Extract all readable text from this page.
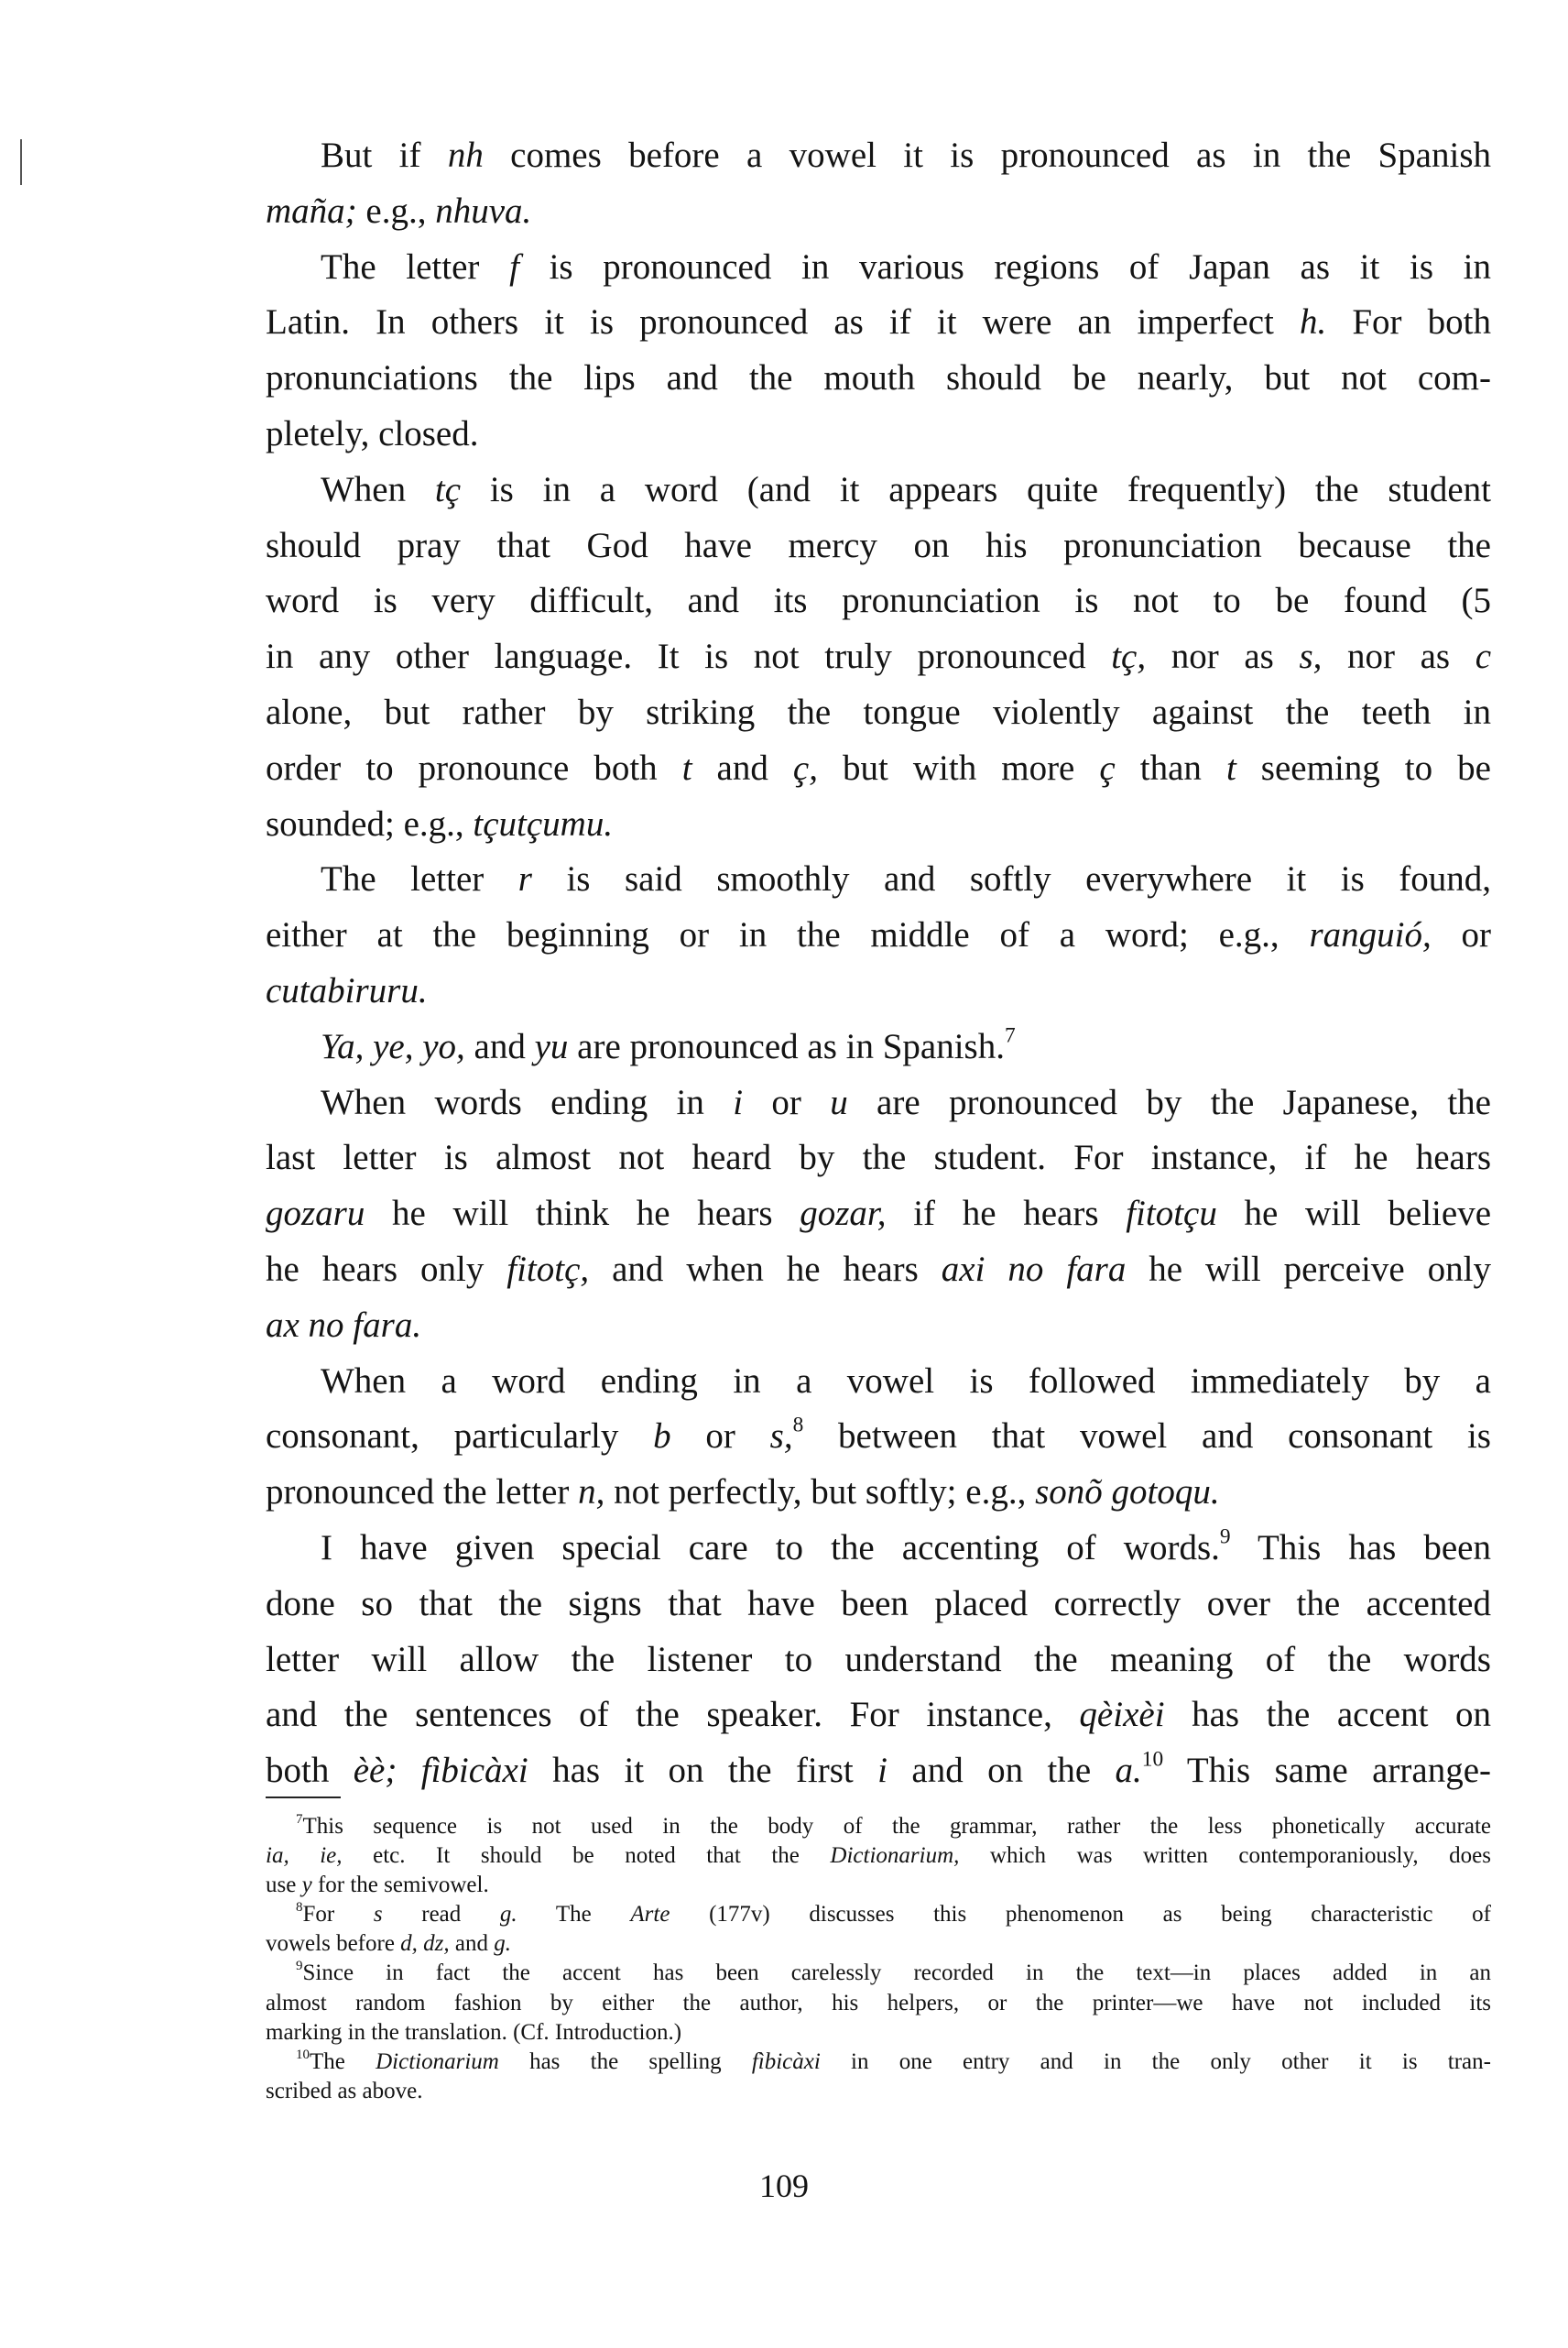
But if nh comes before a vowel it is pronounced as in the Spanish
maña; e.g., nhuva.
The letter f is pronounced in various regions of Japan as it is in
Latin. In others it is pronounced as if it were an imperfect h. For both
pronunciations the lips and the mouth should be nearly, but not com-
pletely, closed.
When tç is in a word (and it appears quite frequently) the student
should pray that God have mercy on his pronunciation because the
word is very difficult, and its pronunciation is not to be found (5
in any other language. It is not truly pronounced tç, nor as s, nor as c
alone, but rather by striking the tongue violently against the teeth in
order to pronounce both t and ç, but with more ç than t seeming to be
sounded; e.g., tçutçumu.
The letter r is said smoothly and softly everywhere it is found,
either at the beginning or in the middle of a word; e.g., ranguió, or
cutabiruru.
Ya, ye, yo, and yu are pronounced as in Spanish.$^7$
When words ending in i or u are pronounced by the Japanese, the
last letter is almost not heard by the student. For instance, if he hears
gozaru he will think he hears gozar, if he hears fitotçu he will believe
he hears only fitotç, and when he hears axi no fara he will perceive only
ax no fara.
When a word ending in a vowel is followed immediately by a
consonant, particularly b or s,$^8$ between that vowel and consonant is
pronounced the letter n, not perfectly, but softly; e.g., sonõ gotoqu.
I have given special care to the accenting of words.$^9$ This has been
done so that the signs that have been placed correctly over the accented
letter will allow the listener to understand the meaning of the words
and the sentences of the speaker. For instance, qèixèi has the accent on
both èè; fìbicàxi has it on the first i and on the a.$^{10}$ This same arrange-
$^7$This sequence is not used in the body of the grammar, rather the less phonetically accurate
ia, ie, etc. It should be noted that the Dictionarium, which was written contemporaniously, does
use y for the semivowel.
$^8$For s read g. The Arte (177v) discusses this phenomenon as being characteristic of
vowels before d, dz, and g.
$^9$Since in fact the accent has been carelessly recorded in the text—in places added in an
almost random fashion by either the author, his helpers, or the printer—we have not included its
marking in the translation. (Cf. Introduction.)
$^{10}$The Dictionarium has the spelling fìbicàxi in one entry and in the only other it is tran-
scribed as above.
109
